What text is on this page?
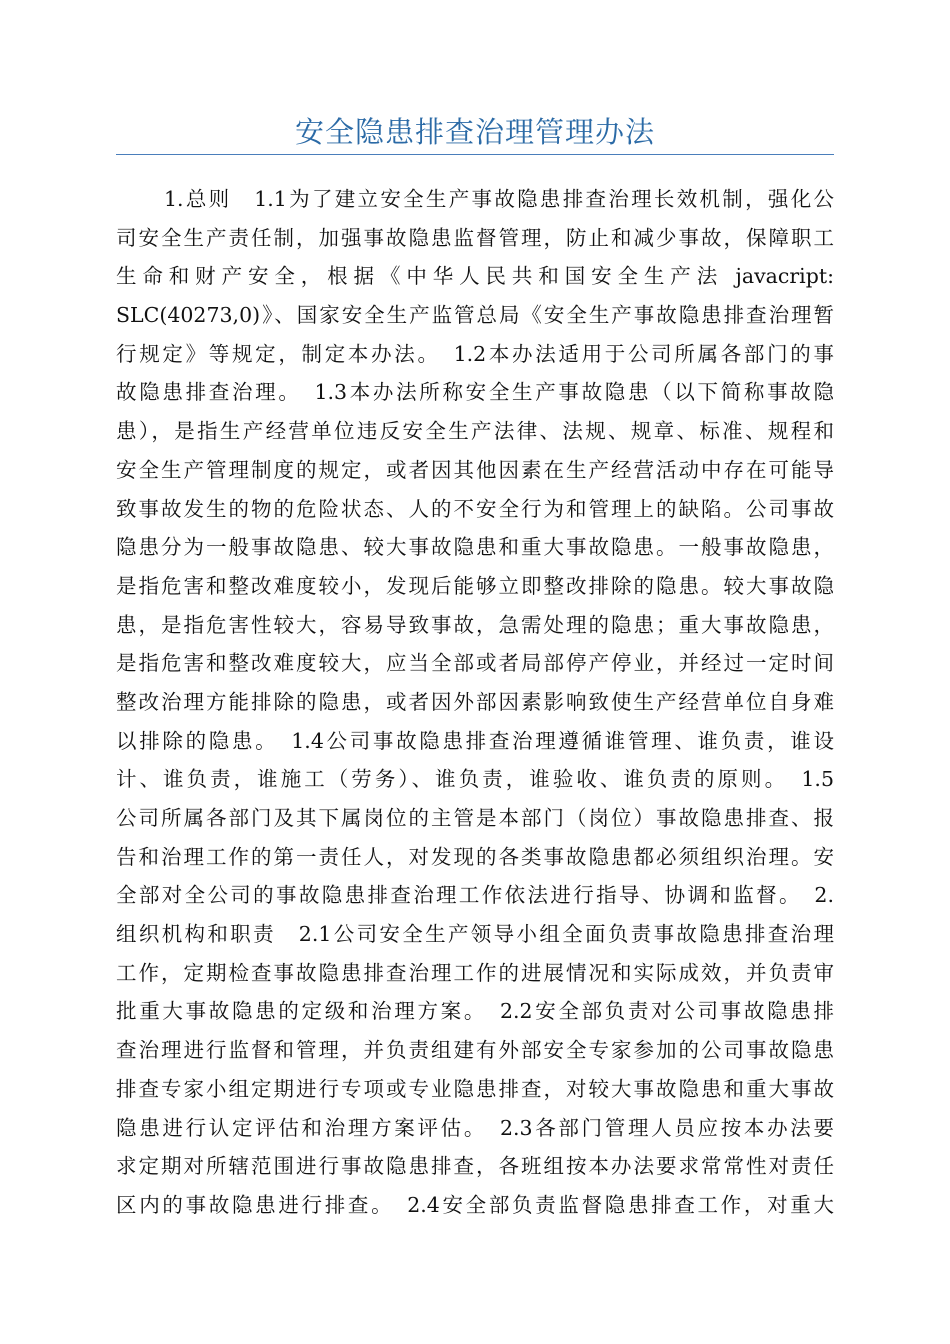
安全隐患排查治理管理办法
1.总则　1.1为了建立安全生产事故隐患排查治理长效机制，强化公
司安全生产责任制，加强事故隐患监督管理，防止和减少事故，保障职工
生命和财产安全，根据《中华人民共和国安全生产法 javacript:
SLC(40273,0)》、国家安全生产监管总局《安全生产事故隐患排查治理暂
行规定》等规定，制定本办法。　1.2本办法适用于公司所属各部门的事
故隐患排查治理。　1.3本办法所称安全生产事故隐患（以下简称事故隐
患），是指生产经营单位违反安全生产法律、法规、规章、标准、规程和
安全生产管理制度的规定，或者因其他因素在生产经营活动中存在可能导
致事故发生的物的危险状态、人的不安全行为和管理上的缺陷。公司事故
隐患分为一般事故隐患、较大事故隐患和重大事故隐患。一般事故隐患，
是指危害和整改难度较小，发现后能够立即整改排除的隐患。较大事故隐
患，是指危害性较大，容易导致事故，急需处理的隐患；重大事故隐患，
是指危害和整改难度较大，应当全部或者局部停产停业，并经过一定时间
整改治理方能排除的隐患，或者因外部因素影响致使生产经营单位自身难
以排除的隐患。　1.4公司事故隐患排查治理遵循谁管理、谁负责，谁设
计、谁负责，谁施工（劳务）、谁负责，谁验收、谁负责的原则。　1.5
公司所属各部门及其下属岗位的主管是本部门（岗位）事故隐患排查、报
告和治理工作的第一责任人，对发现的各类事故隐患都必须组织治理。安
全部对全公司的事故隐患排查治理工作依法进行指导、协调和监督。　2.
组织机构和职责　2.1公司安全生产领导小组全面负责事故隐患排查治理
工作，定期检查事故隐患排查治理工作的进展情况和实际成效，并负责审
批重大事故隐患的定级和治理方案。　2.2安全部负责对公司事故隐患排
查治理进行监督和管理，并负责组建有外部安全专家参加的公司事故隐患
排查专家小组定期进行专项或专业隐患排查，对较大事故隐患和重大事故
隐患进行认定评估和治理方案评估。　2.3各部门管理人员应按本办法要
求定期对所辖范围进行事故隐患排查，各班组按本办法要求常常性对责任
区内的事故隐患进行排查。　2.4安全部负责监督隐患排查工作，对重大
